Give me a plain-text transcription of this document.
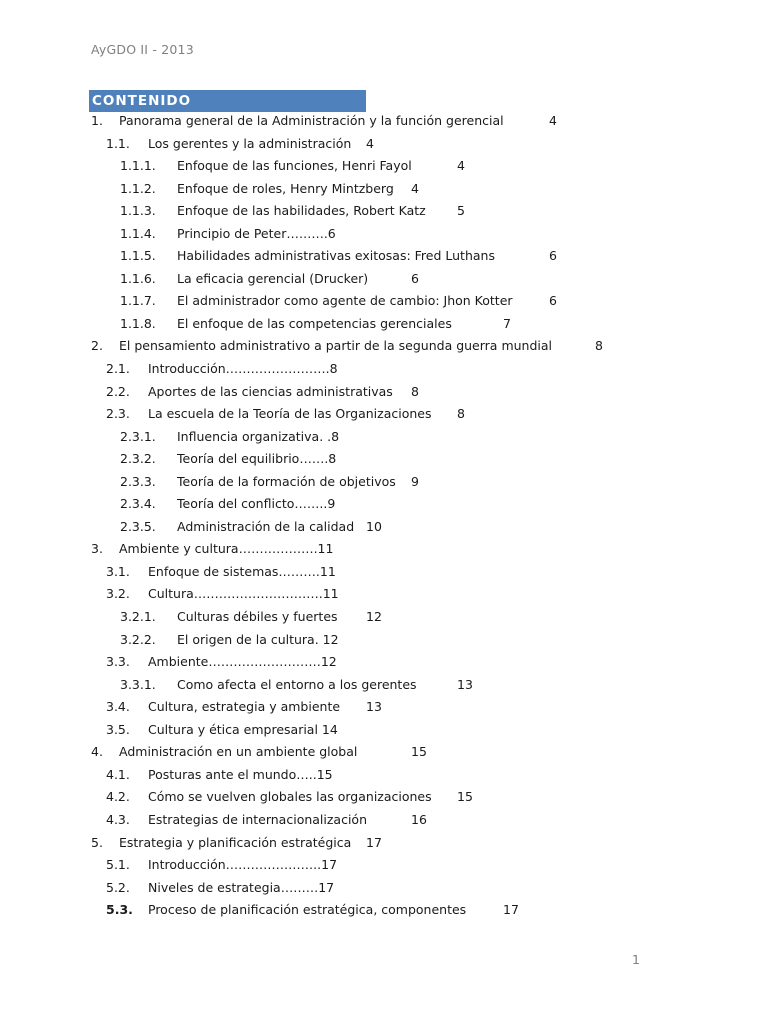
AyGDO II - 2013
CONTENIDO
1. Panorama general de la Administración y la función gerencial	4
1.1. Los gerentes y la administración 4
1.1.1. Enfoque de las funciones, Henri Fayol	4
1.1.2. Enfoque de roles, Henry Mintzberg 4
1.1.3. Enfoque de las habilidades, Robert Katz	5
1.1.4. Principio de Peter……….6
1.1.5. Habilidades administrativas exitosas: Fred Luthans	6
1.1.6. La eficacia gerencial (Drucker)	6
1.1.7. El administrador como agente de cambio: Jhon Kotter	6
1.1.8. El enfoque de las competencias gerenciales	7
2. El pensamiento administrativo a partir de la segunda guerra mundial	8
2.1. Introducción…………………….8
2.2. Aportes de las ciencias administrativas 8
2.3. La escuela de la Teoría de las Organizaciones 8
2.3.1. Influencia organizativa. .8
2.3.2. Teoría del equilibrio…….8
2.3.3. Teoría de la formación de objetivos 9
2.3.4. Teoría del conflicto……..9
2.3.5. Administración de la calidad 10
3. Ambiente y cultura……………….11
3.1. Enfoque de sistemas……….11
3.2. Cultura………………………….11
3.2.1. Culturas débiles y fuertes 12
3.2.2. El origen de la cultura. 12
3.3. Ambiente………………………12
3.3.1. Como afecta el entorno a los gerentes	13
3.4. Cultura, estrategia y ambiente 13
3.5. Cultura y ética empresarial 14
4. Administración en un ambiente global	15
4.1. Posturas ante el mundo…..15
4.2. Cómo se vuelven globales las organizaciones 15
4.3. Estrategias de internacionalización	16
5. Estrategia y planificación estratégica 17
5.1. Introducción…………………..17
5.2. Niveles de estrategia………17
5.3. Proceso de planificación estratégica, componentes	17
1
